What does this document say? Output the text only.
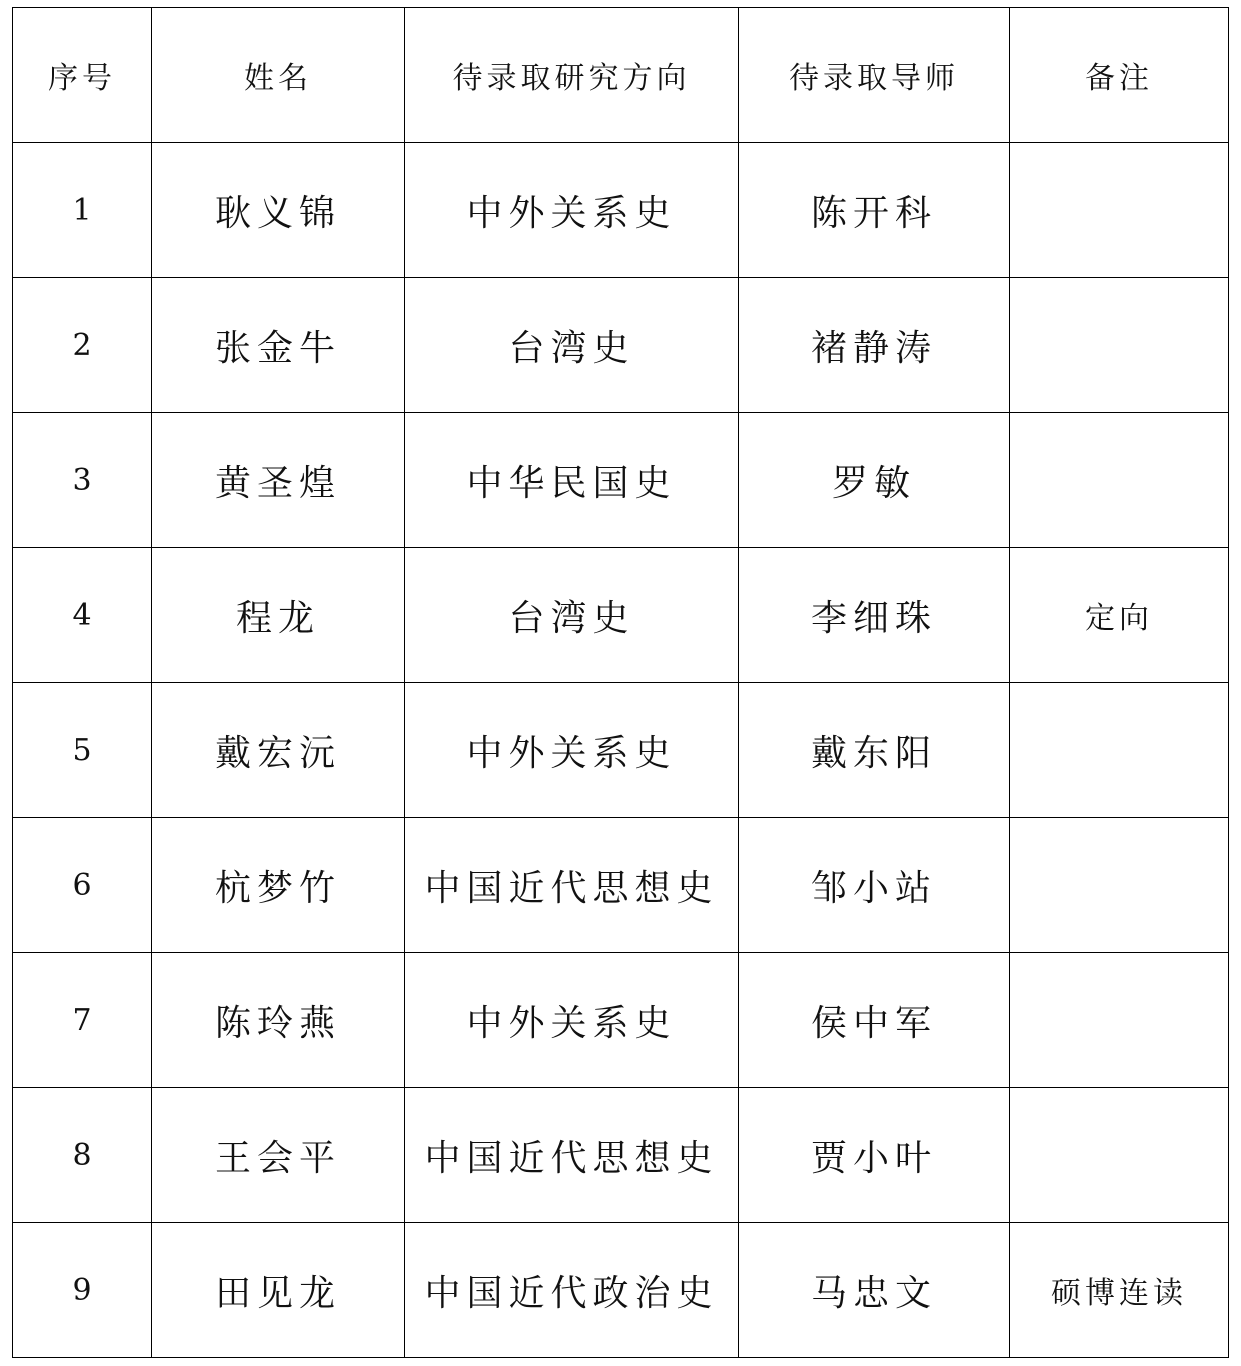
序号	姓名	待录取研究方向	待录取导师	备注
1	耿义锦	中外关系史	陈开科	
2	张金牛	台湾史	褚静涛	
3	黄圣煌	中华民国史	罗敏	
4	程龙	台湾史	李细珠	定向
5	戴宏沅	中外关系史	戴东阳	
6	杭梦竹	中国近代思想史	邹小站	
7	陈玲燕	中外关系史	侯中军	
8	王会平	中国近代思想史	贾小叶	
9	田见龙	中国近代政治史	马忠文	硕博连读
